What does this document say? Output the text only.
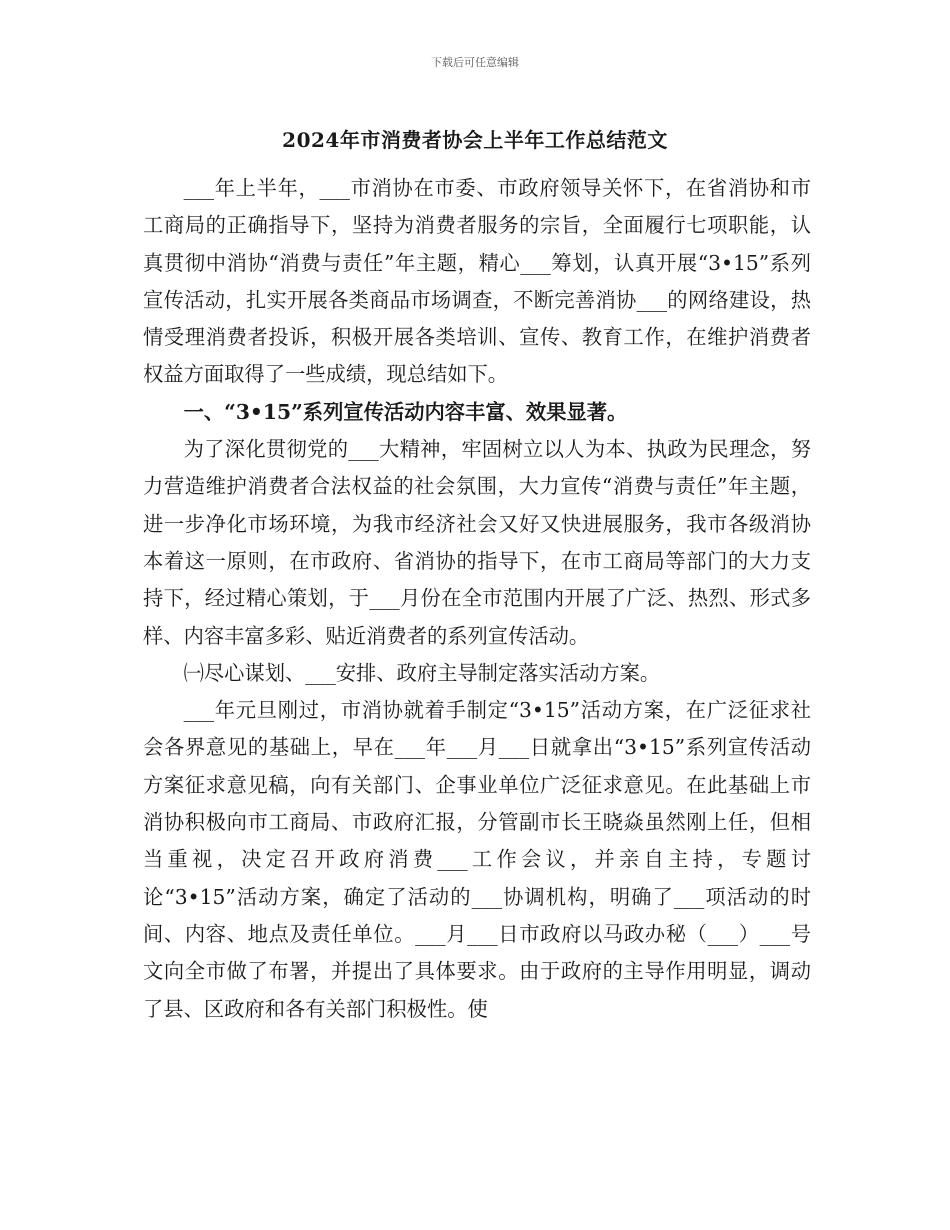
下载后可任意编辑
2024年市消费者协会上半年工作总结范文

___年上半年，___市消协在市委、市政府领导关怀下，在省消协和市工商局的正确指导下，坚持为消费者服务的宗旨，全面履行七项职能，认真贯彻中消协“消费与责任”年主题，精心___筹划，认真开展“3•15”系列宣传活动，扎实开展各类商品市场调查，不断完善消协___的网络建设，热情受理消费者投诉，积极开展各类培训、宣传、教育工作，在维护消费者权益方面取得了一些成绩，现总结如下。

一、“3•15”系列宣传活动内容丰富、效果显著。

为了深化贯彻党的___大精神，牢固树立以人为本、执政为民理念，努力营造维护消费者合法权益的社会氛围，大力宣传“消费与责任”年主题，进一步净化市场环境，为我市经济社会又好又快进展服务，我市各级消协本着这一原则，在市政府、省消协的指导下，在市工商局等部门的大力支持下，经过精心策划，于___月份在全市范围内开展了广泛、热烈、形式多样、内容丰富多彩、贴近消费者的系列宣传活动。

㈠尽心谋划、___安排、政府主导制定落实活动方案。

___年元旦刚过，市消协就着手制定“3•15”活动方案，在广泛征求社会各界意见的基础上，早在___年___月___日就拿出“3•15”系列宣传活动方案征求意见稿，向有关部门、企事业单位广泛征求意见。在此基础上市消协积极向市工商局、市政府汇报，分管副市长王晓焱虽然刚上任，但相当重视，决定召开政府消费___工作会议，并亲自主持，专题讨论“3•15”活动方案，确定了活动的___协调机构，明确了___项活动的时间、内容、地点及责任单位。___月___日市政府以马政办秘（___）___号文向全市做了布署，并提出了具体要求。由于政府的主导作用明显，调动了县、区政府和各有关部门积极性。使
